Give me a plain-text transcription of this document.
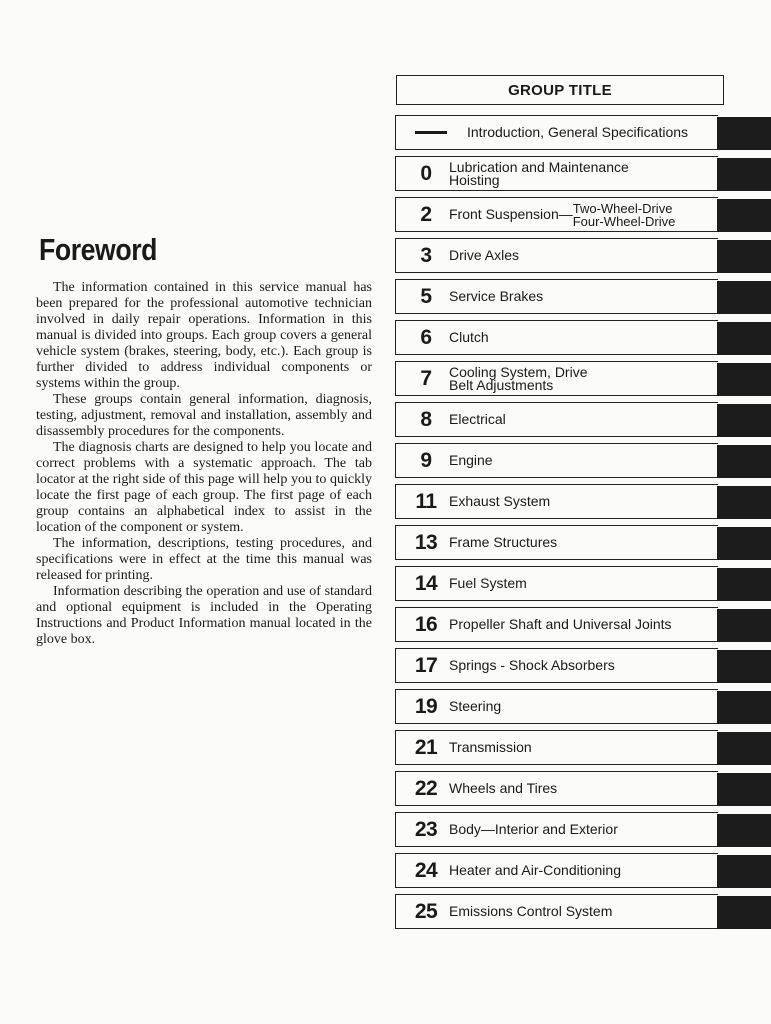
Foreword

The information contained in this service manual has been prepared for the professional automotive technician involved in daily repair operations. Information in this manual is divided into groups. Each group covers a general vehicle system (brakes, steering, body, etc.). Each group is further divided to address individual components or systems within the group.

These groups contain general information, diagnosis, testing, adjustment, removal and installation, assembly and disassembly procedures for the components.

The diagnosis charts are designed to help you locate and correct problems with a systematic approach. The tab locator at the right side of this page will help you to quickly locate the first page of each group. The first page of each group contains an alphabetical index to assist in the location of the component or system.

The information, descriptions, testing procedures, and specifications were in effect at the time this manual was released for printing.

Information describing the operation and use of standard and optional equipment is included in the Operating Instructions and Product Information manual located in the glove box.

GROUP TITLE
Introduction, General Specifications
0	Lubrication and Maintenance
Hoisting
2	Front Suspension— Two-Wheel-Drive
Four-Wheel-Drive
3	Drive Axles
5	Service Brakes
6	Clutch
7	Cooling System, Drive
Belt Adjustments
8	Electrical
9	Engine
11 Exhaust System
13 Frame Structures
14 Fuel System
16 Propeller Shaft and Universal Joints
17 Springs - Shock Absorbers
19 Steering
21 Transmission
22 Wheels and Tires
23 Body—Interior and Exterior
24 Heater and Air-Conditioning
25 Emissions Control System
